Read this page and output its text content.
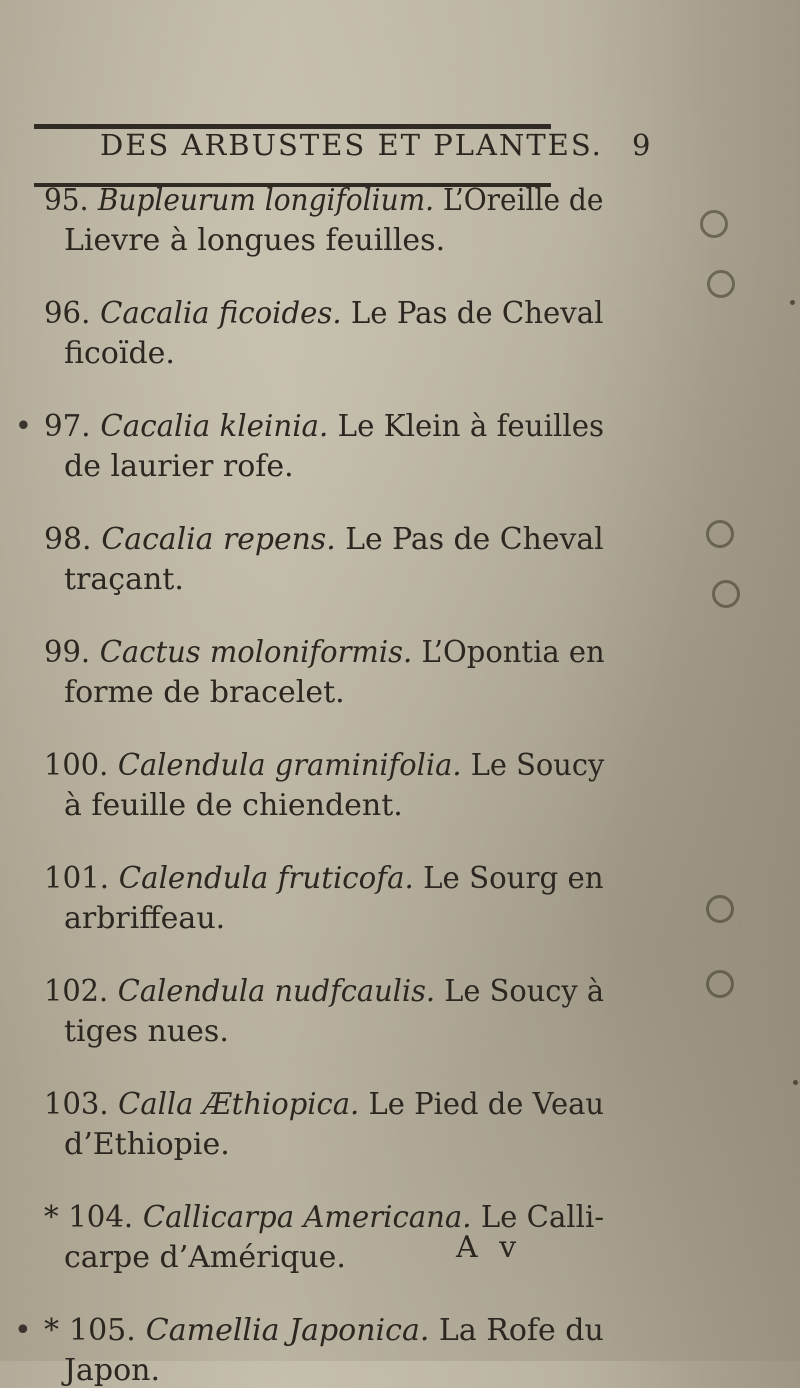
DES ARBUSTES ET PLANTES. 9
95. Bupleurum longifolium. L’Oreille de
Lievre à longues feuilles.
96. Cacalia ficoides. Le Pas de Cheval
ficoïde.
• 97. Cacalia kleinia. Le Klein à feuilles
de laurier rofe.
98. Cacalia repens. Le Pas de Cheval
traçant.
99. Cactus moloniformis. L’Opontia en
forme de bracelet.
100. Calendula graminifolia. Le Soucy
à feuille de chiendent.
101. Calendula fruticofa. Le Sourg en
arbriffeau.
102. Calendula nudfcaulis. Le Soucy à
tiges nues.
103. Calla Æthiopica. Le Pied de Veau
d’Ethiopie.
* 104. Callicarpa Americana. Le Calli-
carpe d’Amérique.
• * 105. Camellia Japonica. La Rofe du
Japon.
A v
